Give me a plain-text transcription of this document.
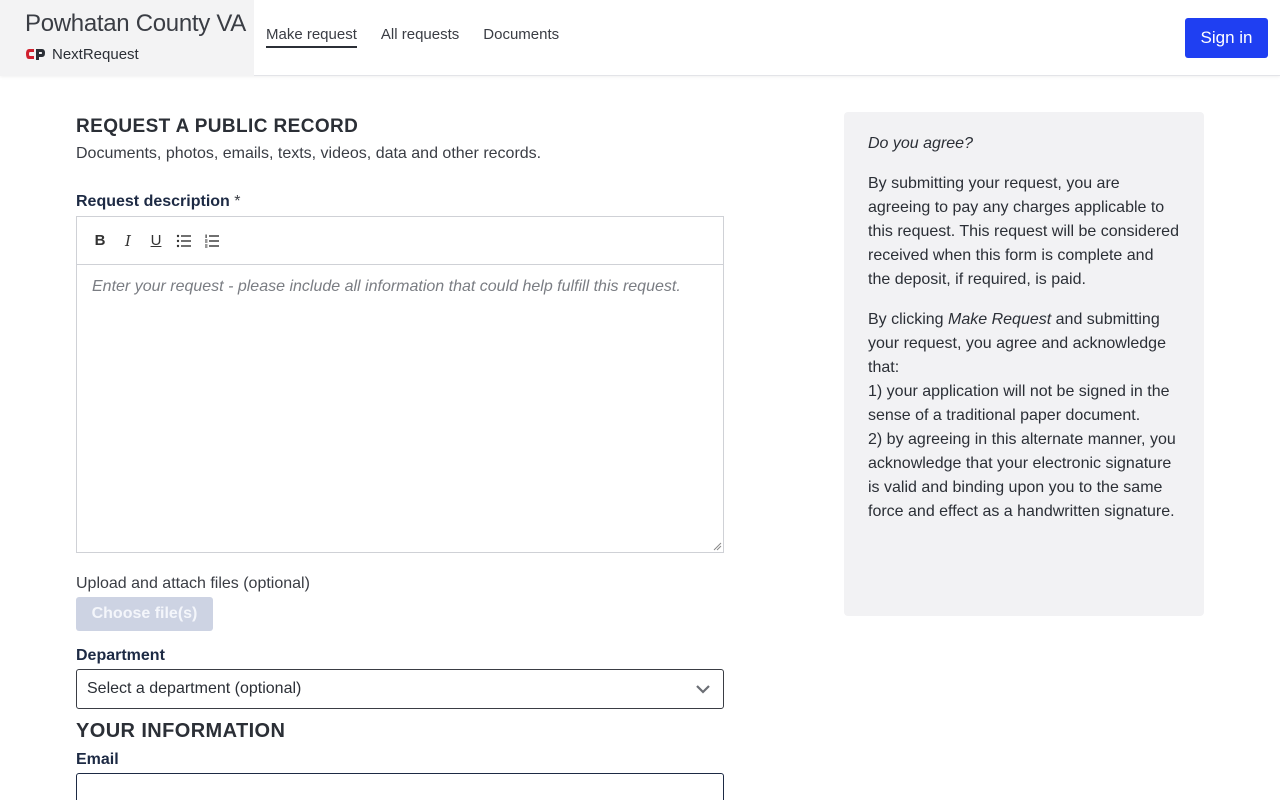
Powhatan County VA
NextRequest
Make request All requests Documents	Sign in
REQUEST A PUBLIC RECORD
Documents, photos, emails, texts, videos, data and other records.
Request description *
B	I	U
Enter your request - please include all information that could help fulfill this request.
Upload and attach files (optional)
Choose file(s)
Department
Select a department (optional)
YOUR INFORMATION
Email
Do you agree?

By submitting your request, you are agreeing to pay any charges applicable to this request. This request will be considered received when this form is complete and the deposit, if required, is paid.

By clicking Make Request and submitting your request, you agree and acknowledge that:
1) your application will not be signed in the sense of a traditional paper document.
2) by agreeing in this alternate manner, you acknowledge that your electronic signature is valid and binding upon you to the same force and effect as a handwritten signature.
